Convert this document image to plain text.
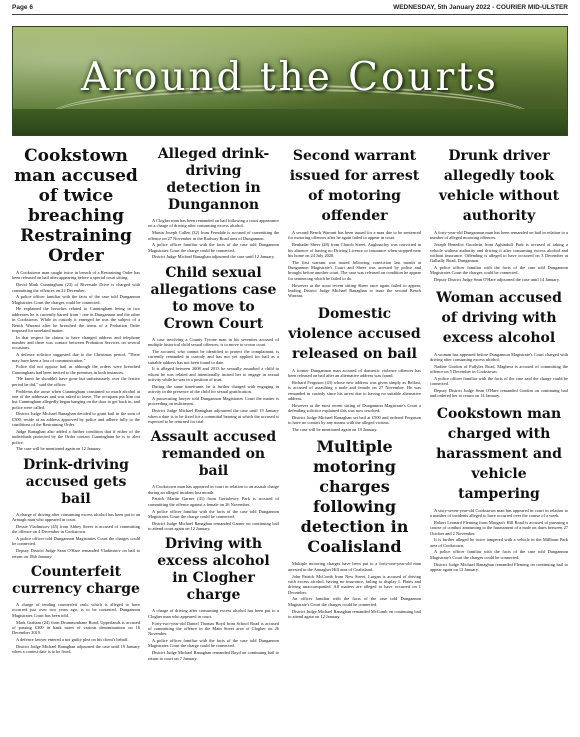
Page 6	WEDNESDAY, 5th January 2022 - COURIER MID-ULSTER
Around the Courts
Cookstown man accused of twice breaching Restraining Order

A Cookstown man caught twice in breach of a Restraining Order has been released on bail after appearing before a special court sitting.

David Mark Cunningham (23) of Riverside Drive is charged with committing the offences on 22 December.

A police officer familiar with the facts of the case told Dungannon Magistrates Court the charges could be connected.

He explained the breaches related to Cunningham being in two addresses he is currently barred from - one in Dungannon and the other in Cookstown. While in custody it emerged he was the subject of a Bench Warrant after he breached the terms of a Probation Order imposed for unrelated matter.

In that respect he claims to have changed address and telephone number and there was contact between Probation Services on several occasions.

A defence solicitor suggested due to the Christmas period, "There may have been a loss of communication."

Police did not oppose bail as although the orders were breached Cunningham had been invited to the premises in both instances.

"He knew he shouldn't have gone but unfortunately over the festive period he did," said the officer.

Problems the arose when Cunningham consumed so much alcohol at one of the addresses and was asked to leave. The occupant put him out but Cunningham allegedly began banging on the door to get back in, and police were called.

District Judge Michael Ranaghan decided to grant bail in the sum of £500, reside at an address approved by police and adhere fully to the conditions of the Restraining Order.

Judge Ranaghan also added a further condition that if either of the individuals protected by the Order contact Cunningham he is to alert police.

The case will be mentioned again on 12 January.

Drink-driving accused gets bail

A charge of driving after consuming excess alcohol has been put to an Armagh man who appeared in court.

Dessie Vladimirov (45) from Abbey Street is accused of committing the offence on 4 December in Cookstown.

A police officer told Dungannon Magistrates Court the charges could be connected.

Deputy District Judge Sean O'Hare remanded Vladimirov on bail to return on 18th January.

Counterfeit currency charge

A charge of tending counterfeit cash, which is alleged to have occurred just over two years ago, is to be contested, Dungannon Magistrates Court has been told.

Mark Graham (24) from Drummonbane Road, Upperlands is accused of passing £300 in bank notes of various denominations on 16 December 2019.

A defence lawyer entered a not guilty plea on his client's behalf.

District Judge Michael Ranaghan adjourned the case until 19 January when a contest date is to be fixed.

Alleged drink-driving detection in Dungannon

A Clogher man has been remanded on bail following a court appearance on a charge of driving after consuming excess alcohol.

Martin Joseph Cullen (32) from Ferndale is accused of committing the offence on 27 November in the Railway Road area of Dungannon.

A police officer familiar with the facts of the case told Dungannon Magistrates Court the charge could be connected.

District Judge Michael Ranaghan adjourned the case until 12 January.

Child sexual allegations case to move to Crown Court

A case involving a County Tyrone man in his seventies accused of multiple historical child sexual offences, is to move to crown court.

The accused, who cannot be identified to protect the complainant, is currently remanded in custody and has not yet applied for bail as a suitable address has not been found to date.

It is alleged between 2008 and 2013 he sexually assaulted a child to whom he was related and intentionally incited her to engage in sexual activity while he was in a position of trust.

During the same timeframe, he is further charged with engaging in activity in the presence of the child for sexual gratification.

A prosecuting lawyer told Dungannon Magistrates Court the matter is proceeding on indictment.

District Judge Michael Ranaghan adjourned the case until 19 January when a date is to be fixed for a committal hearing at which the accused is expected to be returned for trial.

Assault accused remanded on bail

A Cookstown man has appeared in court in relation to an assault charge during an alleged incident last month.

Patrick Martin Garner (41) from Gortalowry Park is accused of committing the offence against a female on 26 November.

A police officer familiar with the facts of the case told Dungannon Magistrates Court the charge could be connected.

District Judge Michael Ranaghan remanded Garner on continuing bail to attend court again on 12 January.

Driving with excess alcohol in Clogher charge

A charge of driving after consuming excess alcohol has been put to a Clogher man who appeared in court.

Forty-two-year-old Daniel Thomas Boyd from School Road is accused of committing the offence in the Main Street area of Clogher on 26 November.

A police officer familiar with the facts of the case told Dungannon Magistrates Court the charge could be connected.

District Judge Michael Ranaghan remanded Boyd on continuing bail to return to court on 7 January.

Second warrant issued for arrest of motoring offender

A second Bench Warrant has been issued for a man due to be sentenced for motoring offences after he again failed to appear in court.

Benhadar Sheer (28) from Church Street, Aughnacloy was convicted in his absence of having no Driving Licence or insurance when stopped near his home on 24 July 2020.

The first warrant was issued following conviction last month at Dungannon Magistrate's Court and Sheer was arrested by police and brought before another court. The case was released on condition he appear for sentencing which he failed to do.

However at the most recent sitting Sheer once again failed to appear, leading District Judge Michael Ranaghan to issue the second Bench Warrant.

Domestic violence accused released on bail

A former Dungannon man accused of domestic violence offences has been released on bail after an alternative address was found.

Richard Ferguson (43) whose new address was given simply as Belfast, is accused of assaulting a male and female on 27 November. He was remanded in custody since his arrest due to having no suitable alternative address.

However at the most recent sitting of Dungannon Magistrate's Court a defending solicitor explained this was now resolved.

District Judge Michael Ranaghan set bail at £500 and ordered Ferguson to have no contact by any means with the alleged victims.

The case will be mentioned again on 19 January.

Multiple motoring charges following detection in Coalisland

Multiple motoring charges have been put to a forty-one-year-old man arrested in the Annagher Hill area of Coalisland.

John Patrick McComb from New Street, Lurgan is accused of driving with excess alcohol, having no insurance, failing to display L Plates and driving unaccompanied. All matters are alleged to have occurred on 1 December.

An officer familiar with the facts of the case told Dungannon Magistrate's Court the charges could be connected.

District Judge Michael Ranaghan remanded McComb on continuing bail to attend again on 12 January.

Drunk driver allegedly took vehicle without authority

A forty-year-old Dungannon man has been remanded on bail in relation to a number of alleged motoring offences.

Joseph Benedict Goodwin from Aghinduff Park is accused of taking a vehicle without authority and driving it after consuming excess alcohol and without insurance. Offending is alleged to have occurred on 3 December at Galbally Road, Dungannon.

A police officer familiar with the facts of the case told Dungannon Magistrates Court the charges could be connected.

Deputy District Judge Sean O'Hare adjourned the case until 14 January.

Woman accused of driving with excess alcohol

A woman has appeared before Dungannon Magistrate's Court charged with driving after consuming excess alcohol.

Nadine Gordon of Fullyles Road, Maghera is accused of committing the offence on 5 December in Cookstown.

A police officer familiar with the facts of the case said the charge could be connected.

Deputy District Judge Sean O'Hare remanded Gordon on continuing bail and ordered her to return on 14 January.

Cookstown man charged with harassment and vehicle tampering

A sixty-seven-year-old Cookstown man has appeared in court in relation to a number of incidents alleged to have occurred over the course of a week.

Robert Leonard Fleming from Morgan's Hill Road is accused of pursuing a course of conduct amounting to the harassment of a male on dates between 27 October and 2 November.

It is further alleged he twice tampered with a vehicle in the Millburn Park area of Cookstown.

A police officer familiar with the facts of the case told Dungannon Magistrate's Court the charges could be connected.

District Judge Michael Ranaghan remanded Fleming on continuing bail to appear again on 12 January.
